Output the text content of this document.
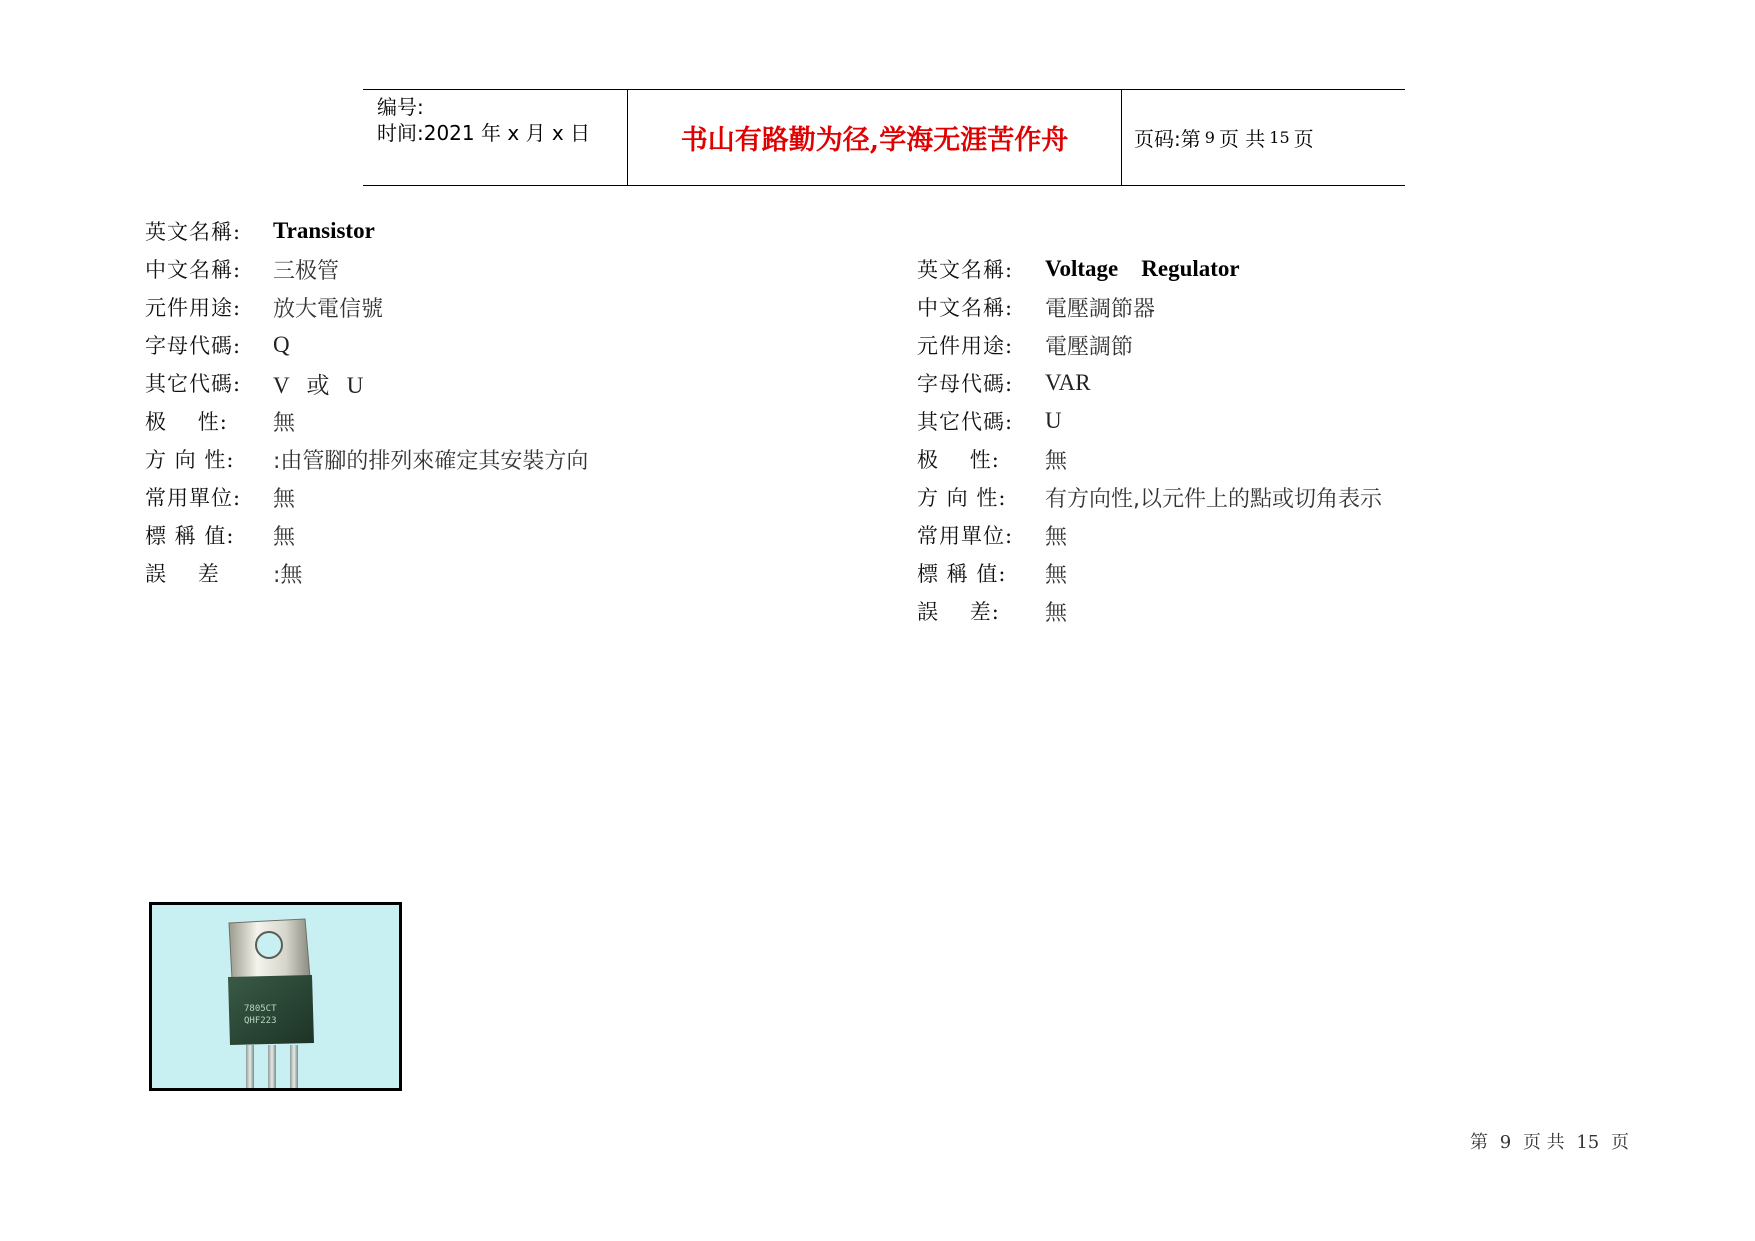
编号:
时间:2021 年 x 月 x 日	书山有路勤为径,学海无涯苦作舟	页码:第 9 页 共 15 页
英文名稱:	Transistor
中文名稱:	三极管
元件用途:	放大電信號
字母代碼:	Q
其它代碼:	V   或   U
极    性:	無
方 向 性:	:由管腳的排列來確定其安裝方向
常用單位:	無
標 稱 值:	無
誤    差	:無
英文名稱:	Voltage    Regulator
中文名稱:	電壓調節器
元件用途:	電壓調節
字母代碼:	VAR
其它代碼:	U
极    性:	無
方 向 性:	有方向性,以元件上的點或切角表示
常用單位:	無
標 稱 值:	無
誤    差:	無
7805CT
QHF223
第 9 页 共 15 页
